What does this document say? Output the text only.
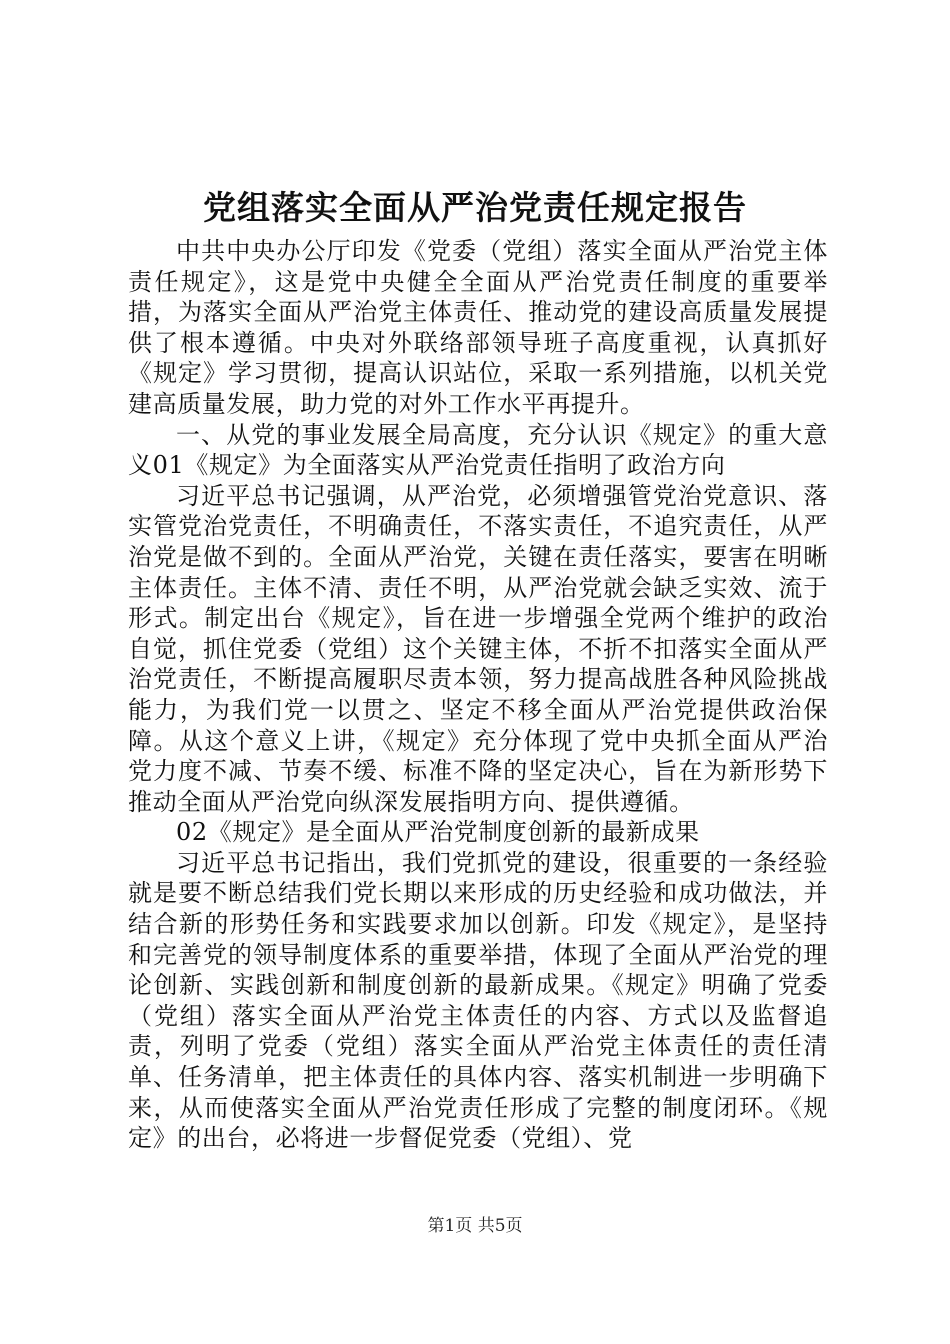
党组落实全面从严治党责任规定报告

中共中央办公厅印发《党委（党组）落实全面从严治党主体责任规定》，这是党中央健全全面从严治党责任制度的重要举措，为落实全面从严治党主体责任、推动党的建设高质量发展提供了根本遵循。中央对外联络部领导班子高度重视，认真抓好《规定》学习贯彻，提高认识站位，采取一系列措施，以机关党建高质量发展，助力党的对外工作水平再提升。

一、从党的事业发展全局高度，充分认识《规定》的重大意义01《规定》为全面落实从严治党责任指明了政治方向

习近平总书记强调，从严治党，必须增强管党治党意识、落实管党治党责任，不明确责任，不落实责任，不追究责任，从严治党是做不到的。全面从严治党，关键在责任落实，要害在明晰主体责任。主体不清、责任不明，从严治党就会缺乏实效、流于形式。制定出台《规定》，旨在进一步增强全党两个维护的政治自觉，抓住党委（党组）这个关键主体，不折不扣落实全面从严治党责任，不断提高履职尽责本领，努力提高战胜各种风险挑战能力，为我们党一以贯之、坚定不移全面从严治党提供政治保障。从这个意义上讲，《规定》充分体现了党中央抓全面从严治党力度不减、节奏不缓、标准不降的坚定决心，旨在为新形势下推动全面从严治党向纵深发展指明方向、提供遵循。

02《规定》是全面从严治党制度创新的最新成果

习近平总书记指出，我们党抓党的建设，很重要的一条经验就是要不断总结我们党长期以来形成的历史经验和成功做法，并结合新的形势任务和实践要求加以创新。印发《规定》，是坚持和完善党的领导制度体系的重要举措，体现了全面从严治党的理论创新、实践创新和制度创新的最新成果。《规定》明确了党委（党组）落实全面从严治党主体责任的内容、方式以及监督追责，列明了党委（党组）落实全面从严治党主体责任的责任清单、任务清单，把主体责任的具体内容、落实机制进一步明确下来，从而使落实全面从严治党责任形成了完整的制度闭环。《规定》的出台，必将进一步督促党委（党组）、党

第1页 共5页
